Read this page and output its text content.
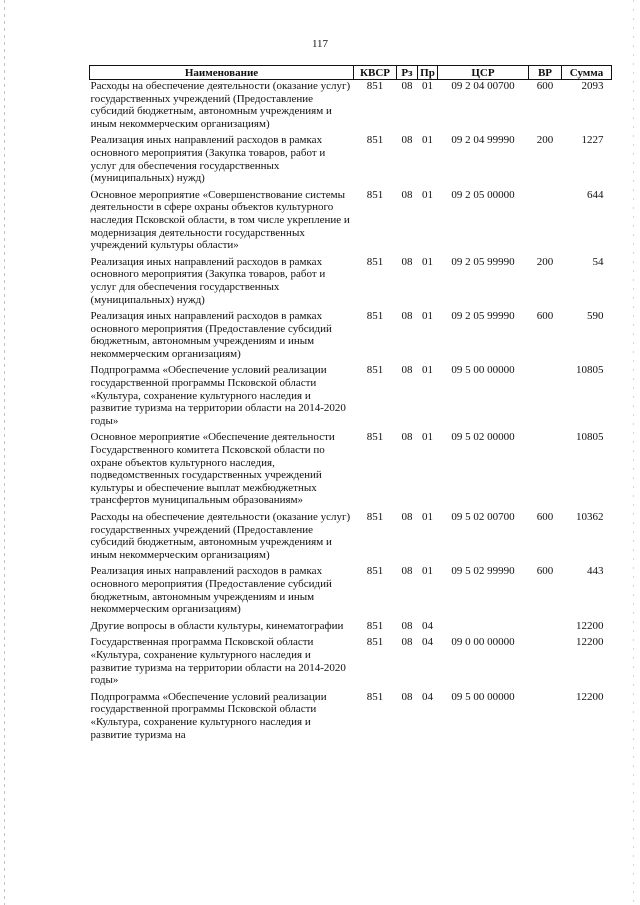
117
Наименование	КВСР	Рз	Пр	ЦСР	ВР	Сумма
Расходы на обеспечение деятельности (оказание услуг) государственных учреждений (Предоставление субсидий бюджетным, автономным учреждениям и иным некоммерческим организациям)	851	08	01	09 2 04 00700	600	2093
Реализация иных направлений расходов в рамках основного мероприятия (Закупка товаров, работ и услуг для обеспечения государственных (муниципальных) нужд)	851	08	01	09 2 04 99990	200	1227
Основное мероприятие «Совершенствование системы деятельности в сфере охраны объектов культурного наследия Псковской области, в том числе укрепление и модернизация деятельности государственных учреждений культуры области»	851	08	01	09 2 05 00000		644
Реализация иных направлений расходов в рамках основного мероприятия (Закупка товаров, работ и услуг для обеспечения государственных (муниципальных) нужд)	851	08	01	09 2 05 99990	200	54
Реализация иных направлений расходов в рамках основного мероприятия (Предоставление субсидий бюджетным, автономным учреждениям и иным некоммерческим организациям)	851	08	01	09 2 05 99990	600	590
Подпрограмма «Обеспечение условий реализации государственной программы Псковской области «Культура, сохранение культурного наследия и развитие туризма на территории области на 2014-2020 годы»	851	08	01	09 5 00 00000		10805
Основное мероприятие «Обеспечение деятельности Государственного комитета Псковской области по охране объектов культурного наследия, подведомственных государственных учреждений культуры и обеспечение выплат межбюджетных трансфертов муниципальным образованиям»	851	08	01	09 5 02 00000		10805
Расходы на обеспечение деятельности (оказание услуг) государственных учреждений (Предоставление субсидий бюджетным, автономным учреждениям и иным некоммерческим организациям)	851	08	01	09 5 02 00700	600	10362
Реализация иных направлений расходов в рамках основного мероприятия (Предоставление субсидий бюджетным, автономным учреждениям и иным некоммерческим организациям)	851	08	01	09 5 02 99990	600	443
Другие вопросы в области культуры, кинематографии	851	08	04			12200
Государственная программа Псковской области «Культура, сохранение культурного наследия и развитие туризма на территории области на 2014-2020 годы»	851	08	04	09 0 00 00000		12200
Подпрограмма «Обеспечение условий реализации государственной программы Псковской области «Культура, сохранение культурного наследия и развитие туризма на	851	08	04	09 5 00 00000		12200
